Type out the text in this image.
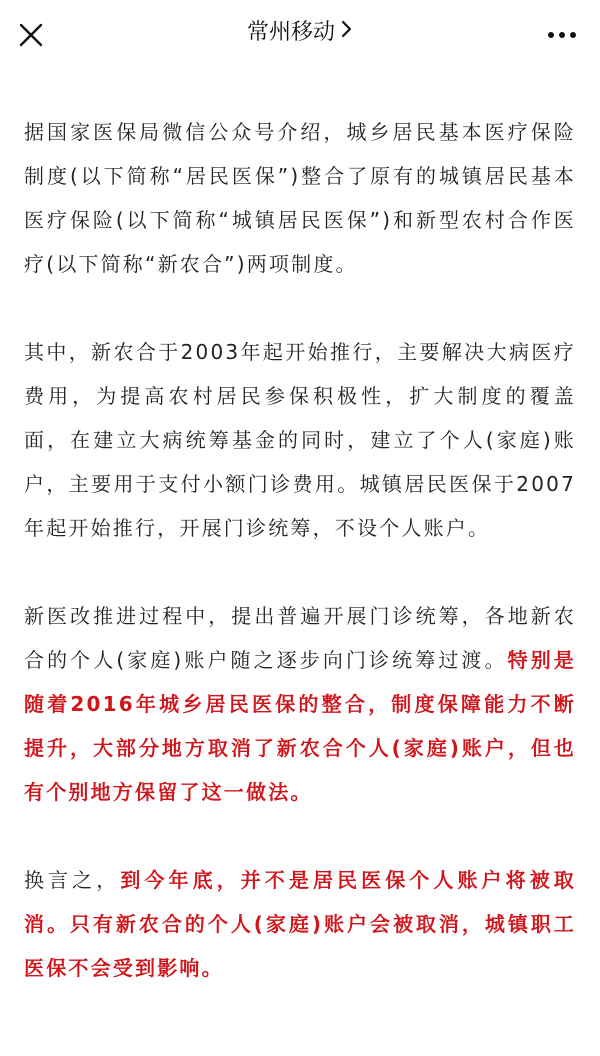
常州移动

据国家医保局微信公众号介绍，城乡居民基本医疗保险制度(以下简称“居民医保”)整合了原有的城镇居民基本医疗保险(以下简称“城镇居民医保”)和新型农村合作医疗(以下简称“新农合”)两项制度。

其中，新农合于2003年起开始推行，主要解决大病医疗费用，为提高农村居民参保积极性，扩大制度的覆盖面，在建立大病统筹基金的同时，建立了个人(家庭)账户，主要用于支付小额门诊费用。城镇居民医保于2007年起开始推行，开展门诊统筹，不设个人账户。

新医改推进过程中，提出普遍开展门诊统筹，各地新农合的个人(家庭)账户随之逐步向门诊统筹过渡。特别是随着2016年城乡居民医保的整合，制度保障能力不断提升，大部分地方取消了新农合个人(家庭)账户，但也有个别地方保留了这一做法。

换言之，到今年底，并不是居民医保个人账户将被取消。只有新农合的个人(家庭)账户会被取消，城镇职工医保不会受到影响。
